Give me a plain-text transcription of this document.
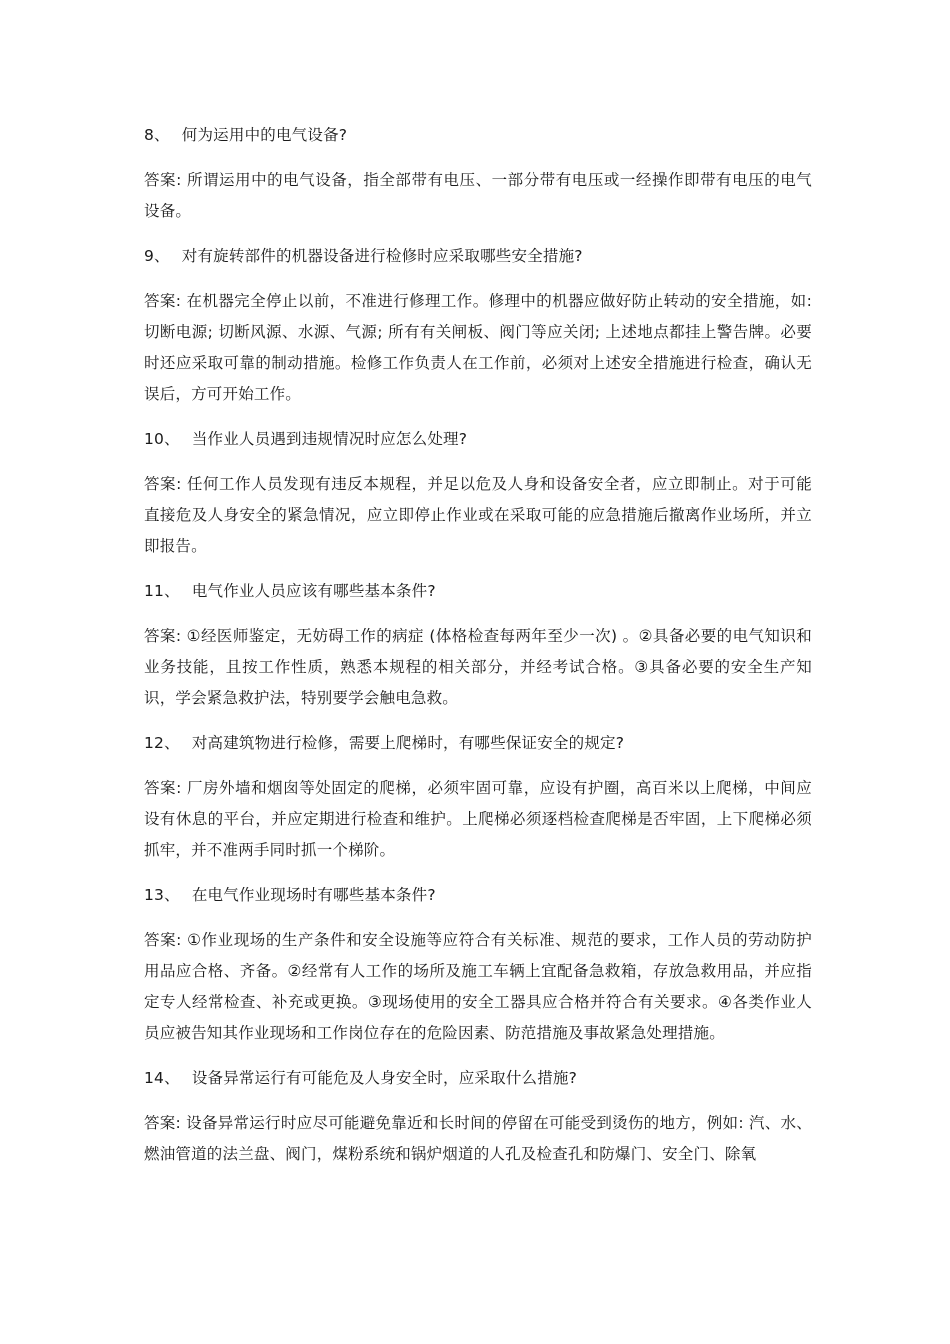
8、 何为运用中的电气设备?

答案: 所谓运用中的电气设备，指全部带有电压、一部分带有电压或一经操作即带有电压的电气设备。

9、 对有旋转部件的机器设备进行检修时应采取哪些安全措施?

答案: 在机器完全停止以前，不准进行修理工作。修理中的机器应做好防止转动的安全措施，如: 切断电源; 切断风源、水源、气源; 所有有关闸板、阀门等应关闭; 上述地点都挂上警告牌。必要时还应采取可靠的制动措施。检修工作负责人在工作前，必须对上述安全措施进行检查，确认无误后，方可开始工作。

10、 当作业人员遇到违规情况时应怎么处理?

答案: 任何工作人员发现有违反本规程，并足以危及人身和设备安全者，应立即制止。对于可能直接危及人身安全的紧急情况，应立即停止作业或在采取可能的应急措施后撤离作业场所，并立即报告。

11、 电气作业人员应该有哪些基本条件?

答案: ①经医师鉴定，无妨碍工作的病症 (体格检查每两年至少一次) 。②具备必要的电气知识和业务技能，且按工作性质，熟悉本规程的相关部分，并经考试合格。③具备必要的安全生产知识，学会紧急救护法，特别要学会触电急救。

12、 对高建筑物进行检修，需要上爬梯时，有哪些保证安全的规定?

答案: 厂房外墙和烟囱等处固定的爬梯，必须牢固可靠，应设有护圈，高百米以上爬梯，中间应设有休息的平台，并应定期进行检查和维护。上爬梯必须逐档检查爬梯是否牢固，上下爬梯必须抓牢，并不准两手同时抓一个梯阶。

13、 在电气作业现场时有哪些基本条件?

答案: ①作业现场的生产条件和安全设施等应符合有关标准、规范的要求，工作人员的劳动防护用品应合格、齐备。②经常有人工作的场所及施工车辆上宜配备急救箱，存放急救用品，并应指定专人经常检查、补充或更换。③现场使用的安全工器具应合格并符合有关要求。④各类作业人员应被告知其作业现场和工作岗位存在的危险因素、防范措施及事故紧急处理措施。

14、 设备异常运行有可能危及人身安全时，应采取什么措施?

答案: 设备异常运行时应尽可能避免靠近和长时间的停留在可能受到烫伤的地方，例如: 汽、水、燃油管道的法兰盘、阀门，煤粉系统和锅炉烟道的人孔及检查孔和防爆门、安全门、除氧
